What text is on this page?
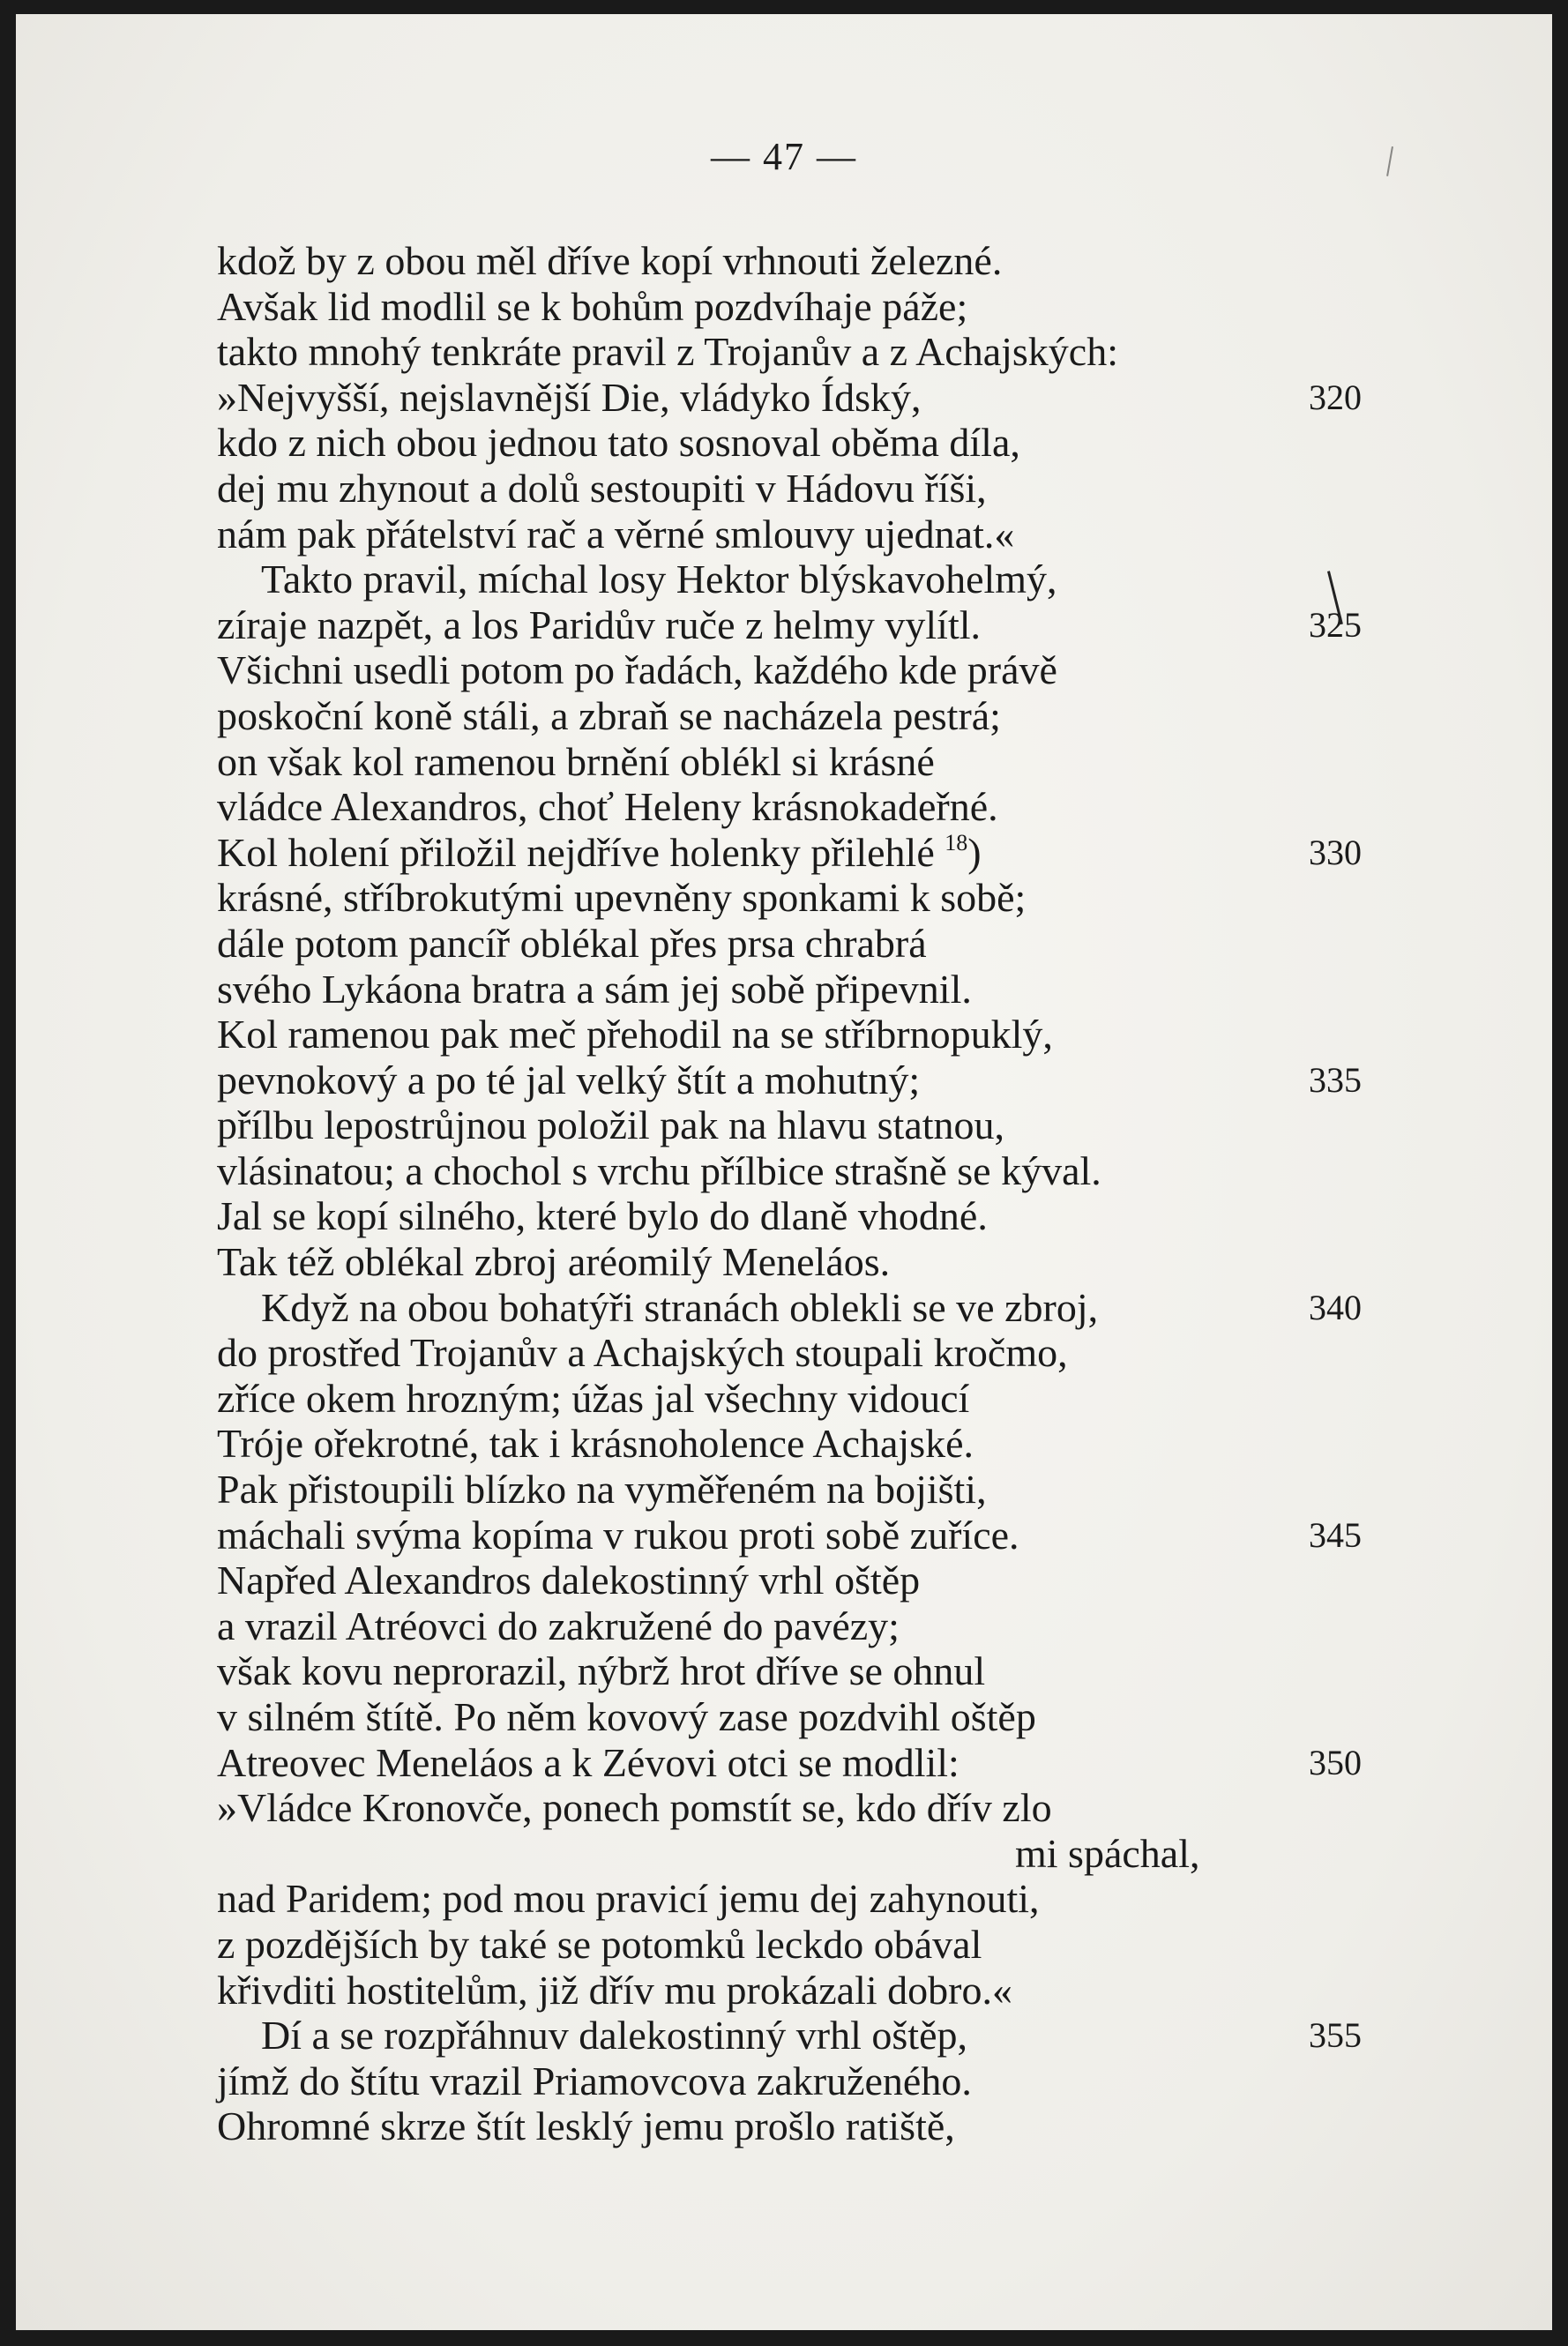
— 47 —
kdož by z obou měl dříve kopí vrhnouti železné.
Avšak lid modlil se k bohům pozdvíhaje páže;
takto mnohý tenkráte pravil z Trojanův a z Achajských:
»Nejvyšší, nejslavnější Die, vládyko Ídský,	320
kdo z nich obou jednou tato sosnoval oběma díla,
dej mu zhynout a dolů sestoupiti v Hádovu říši,
nám pak přátelství rač a věrné smlouvy ujednat.«
Takto pravil, míchal losy Hektor blýskavohelmý,
zíraje nazpět, a los Paridův ruče z helmy vylítl.	325
Všichni usedli potom po řadách, každého kde právě
poskoční koně stáli, a zbraň se nacházela pestrá;
on však kol ramenou brnění oblékl si krásné
vládce Alexandros, choť Heleny krásnokadeřné.
Kol holení přiložil nejdříve holenky přilehlé $^{18}$)	330
krásné, stříbrokutými upevněny sponkami k sobě;
dále potom pancíř oblékal přes prsa chrabrá
svého Lykáona bratra a sám jej sobě připevnil.
Kol ramenou pak meč přehodil na se stříbrnopuklý,
pevnokový a po té jal velký štít a mohutný;	335
přílbu lepostrůjnou položil pak na hlavu statnou,
vlásinatou; a chochol s vrchu přílbice strašně se kýval.
Jal se kopí silného, které bylo do dlaně vhodné.
Tak též oblékal zbroj aréomilý Meneláos.
Když na obou bohatýři stranách oblekli se ve zbroj,	340
do prostřed Trojanův a Achajských stoupali kročmo,
zříce okem hrozným; úžas jal všechny vidoucí
Tróje ořekrotné, tak i krásnoholence Achajské.
Pak přistoupili blízko na vyměřeném na bojišti,
máchali svýma kopíma v rukou proti sobě zuříce.	345
Napřed Alexandros dalekostinný vrhl oštěp
a vrazil Atréovci do zakružené do pavézy;
však kovu neprorazil, nýbrž hrot dříve se ohnul
v silném štítě. Po něm kovový zase pozdvihl oštěp
Atreovec Meneláos a k Zévovi otci se modlil:	350
»Vládce Kronovče, ponech pomstít se, kdo dřív zlo
mi spáchal,
nad Paridem; pod mou pravicí jemu dej zahynouti,
z pozdějších by také se potomků leckdo obával
křivditi hostitelům, již dřív mu prokázali dobro.«
Dí a se rozpřáhnuv dalekostinný vrhl oštěp,	355
jímž do štítu vrazil Priamovcova zakruženého.
Ohromné skrze štít lesklý jemu prošlo ratiště,
